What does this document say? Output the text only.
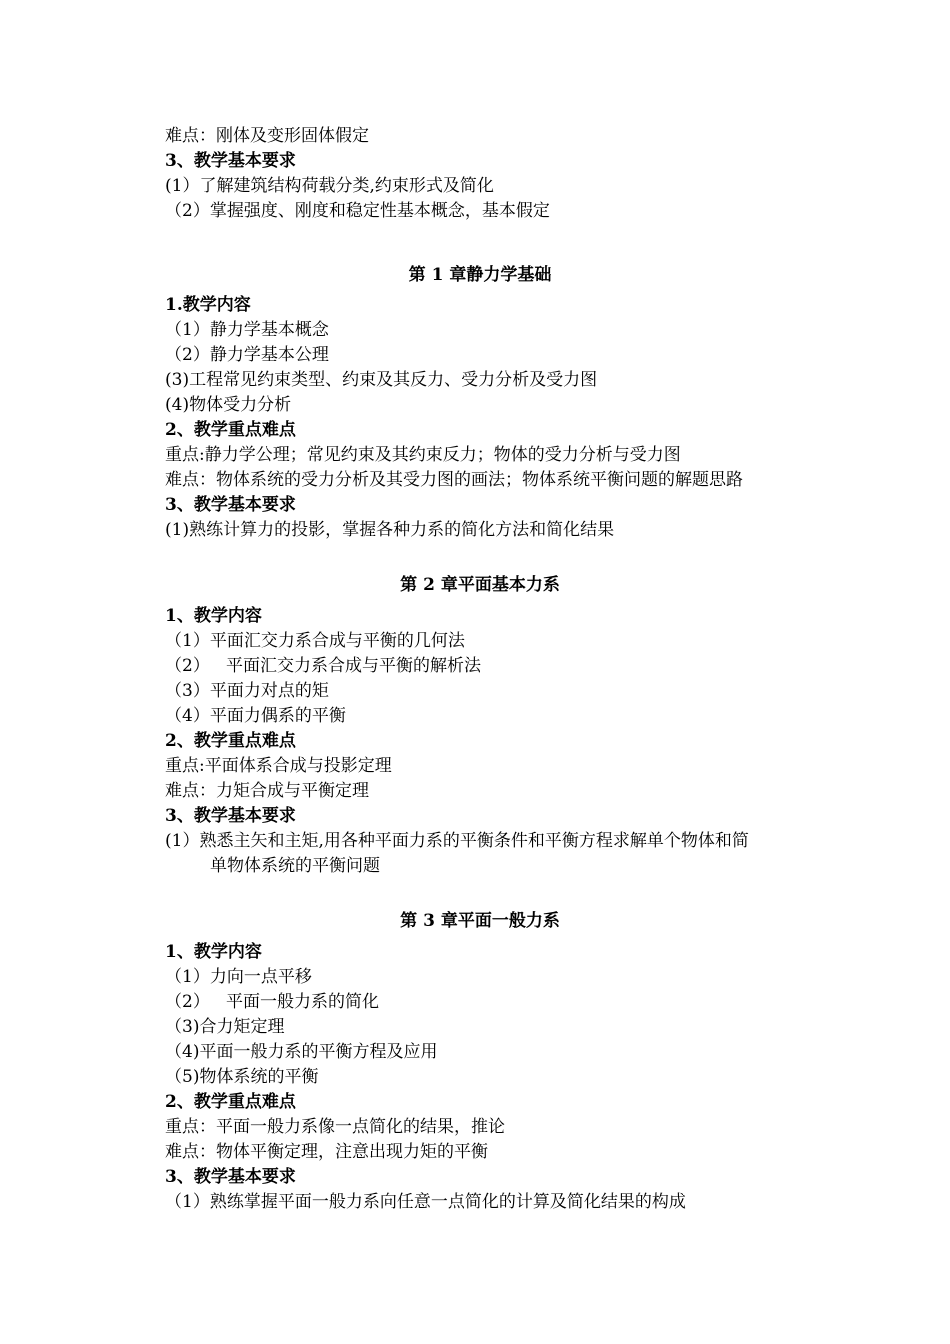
难点：刚体及变形固体假定
3、教学基本要求
(1）了解建筑结构荷载分类,约束形式及简化
（2）掌握强度、刚度和稳定性基本概念，基本假定
第 1 章静力学基础
1.教学内容
（1）静力学基本概念
（2）静力学基本公理
(3)工程常见约束类型、约束及其反力、受力分析及受力图
(4)物体受力分析
2、教学重点难点
重点:静力学公理；常见约束及其约束反力；物体的受力分析与受力图
难点：物体系统的受力分析及其受力图的画法；物体系统平衡问题的解题思路
3、教学基本要求
(1)熟练计算力的投影，掌握各种力系的简化方法和简化结果
第 2 章平面基本力系
1、教学内容
（1）平面汇交力系合成与平衡的几何法
（2）   平面汇交力系合成与平衡的解析法
（3）平面力对点的矩
（4）平面力偶系的平衡
2、教学重点难点
重点:平面体系合成与投影定理
难点：力矩合成与平衡定理
3、教学基本要求
(1）熟悉主矢和主矩,用各种平面力系的平衡条件和平衡方程求解单个物体和简
单物体系统的平衡问题
第 3 章平面一般力系
1、教学内容
（1）力向一点平移
（2）   平面一般力系的简化
（3)合力矩定理
（4)平面一般力系的平衡方程及应用
（5)物体系统的平衡
2、教学重点难点
重点：平面一般力系像一点简化的结果，推论
难点：物体平衡定理，注意出现力矩的平衡
3、教学基本要求
（1）熟练掌握平面一般力系向任意一点简化的计算及简化结果的构成
